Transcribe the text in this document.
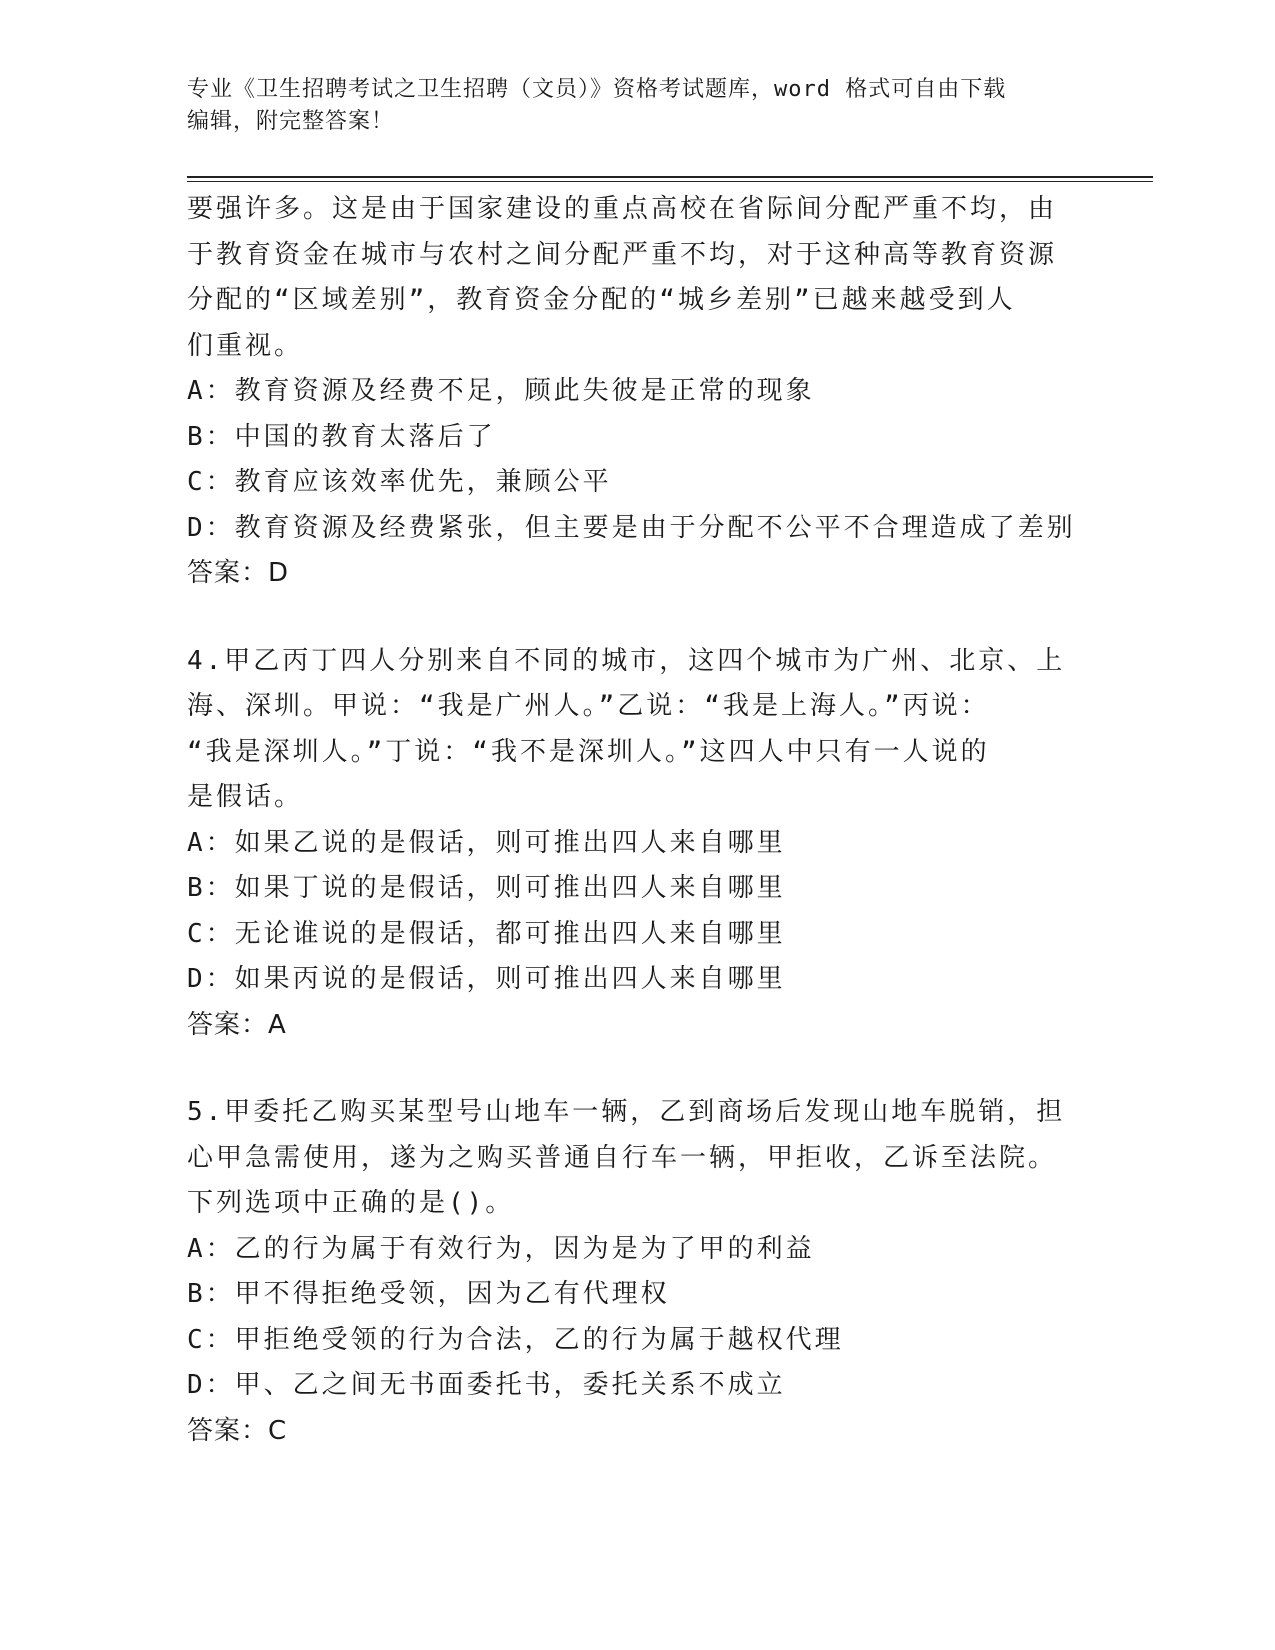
专业《卫生招聘考试之卫生招聘（文员）》资格考试题库，word 格式可自由下载
编辑，附完整答案！
要强许多。这是由于国家建设的重点高校在省际间分配严重不均，由
于教育资金在城市与农村之间分配严重不均，对于这种高等教育资源
分配的“区域差别”，教育资金分配的“城乡差别”已越来越受到人
们重视。
A：教育资源及经费不足，顾此失彼是正常的现象
B：中国的教育太落后了
C：教育应该效率优先，兼顾公平
D：教育资源及经费紧张，但主要是由于分配不公平不合理造成了差别
答案：D
4.甲乙丙丁四人分别来自不同的城市，这四个城市为广州、北京、上
海、深圳。甲说：“我是广州人。”乙说：“我是上海人。”丙说：
“我是深圳人。”丁说：“我不是深圳人。”这四人中只有一人说的
是假话。
A：如果乙说的是假话，则可推出四人来自哪里
B：如果丁说的是假话，则可推出四人来自哪里
C：无论谁说的是假话，都可推出四人来自哪里
D：如果丙说的是假话，则可推出四人来自哪里
答案：A
5.甲委托乙购买某型号山地车一辆，乙到商场后发现山地车脱销，担
心甲急需使用，遂为之购买普通自行车一辆，甲拒收，乙诉至法院。
下列选项中正确的是()。
A：乙的行为属于有效行为，因为是为了甲的利益
B：甲不得拒绝受领，因为乙有代理权
C：甲拒绝受领的行为合法，乙的行为属于越权代理
D：甲、乙之间无书面委托书，委托关系不成立
答案：C
